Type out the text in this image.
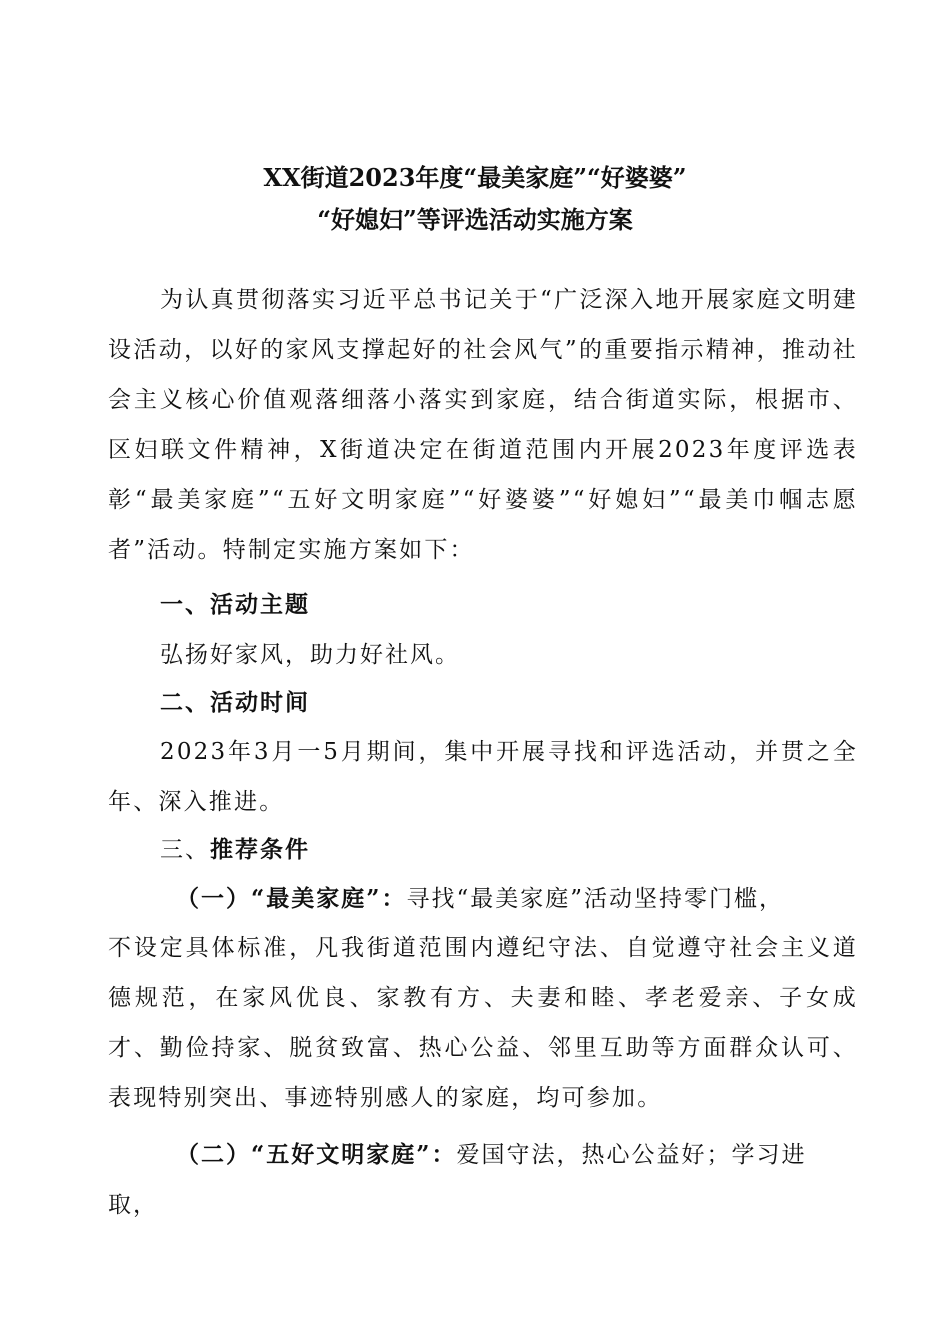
XX街道2023年度“最美家庭”“好婆婆”
“好媳妇”等评选活动实施方案

为认真贯彻落实习近平总书记关于“广泛深入地开展家庭文明建设活动，以好的家风支撑起好的社会风气”的重要指示精神，推动社会主义核心价值观落细落小落实到家庭，结合街道实际，根据市、区妇联文件精神，X街道决定在街道范围内开展2023年度评选表彰“最美家庭”“五好文明家庭”“好婆婆”“好媳妇”“最美巾帼志愿者”活动。特制定实施方案如下：

一、活动主题
弘扬好家风，助力好社风。
二、活动时间

2023年3月一5月期间，集中开展寻找和评选活动，并贯之全年、深入推进。

三、推荐条件
（一）“最美家庭”：寻找“最美家庭”活动坚持零门槛，

不设定具体标准，凡我街道范围内遵纪守法、自觉遵守社会主义道德规范，在家风优良、家教有方、夫妻和睦、孝老爱亲、子女成才、勤俭持家、脱贫致富、热心公益、邻里互助等方面群众认可、表现特别突出、事迹特别感人的家庭，均可参加。

（二）“五好文明家庭”：爱国守法，热心公益好；学习进
取，
